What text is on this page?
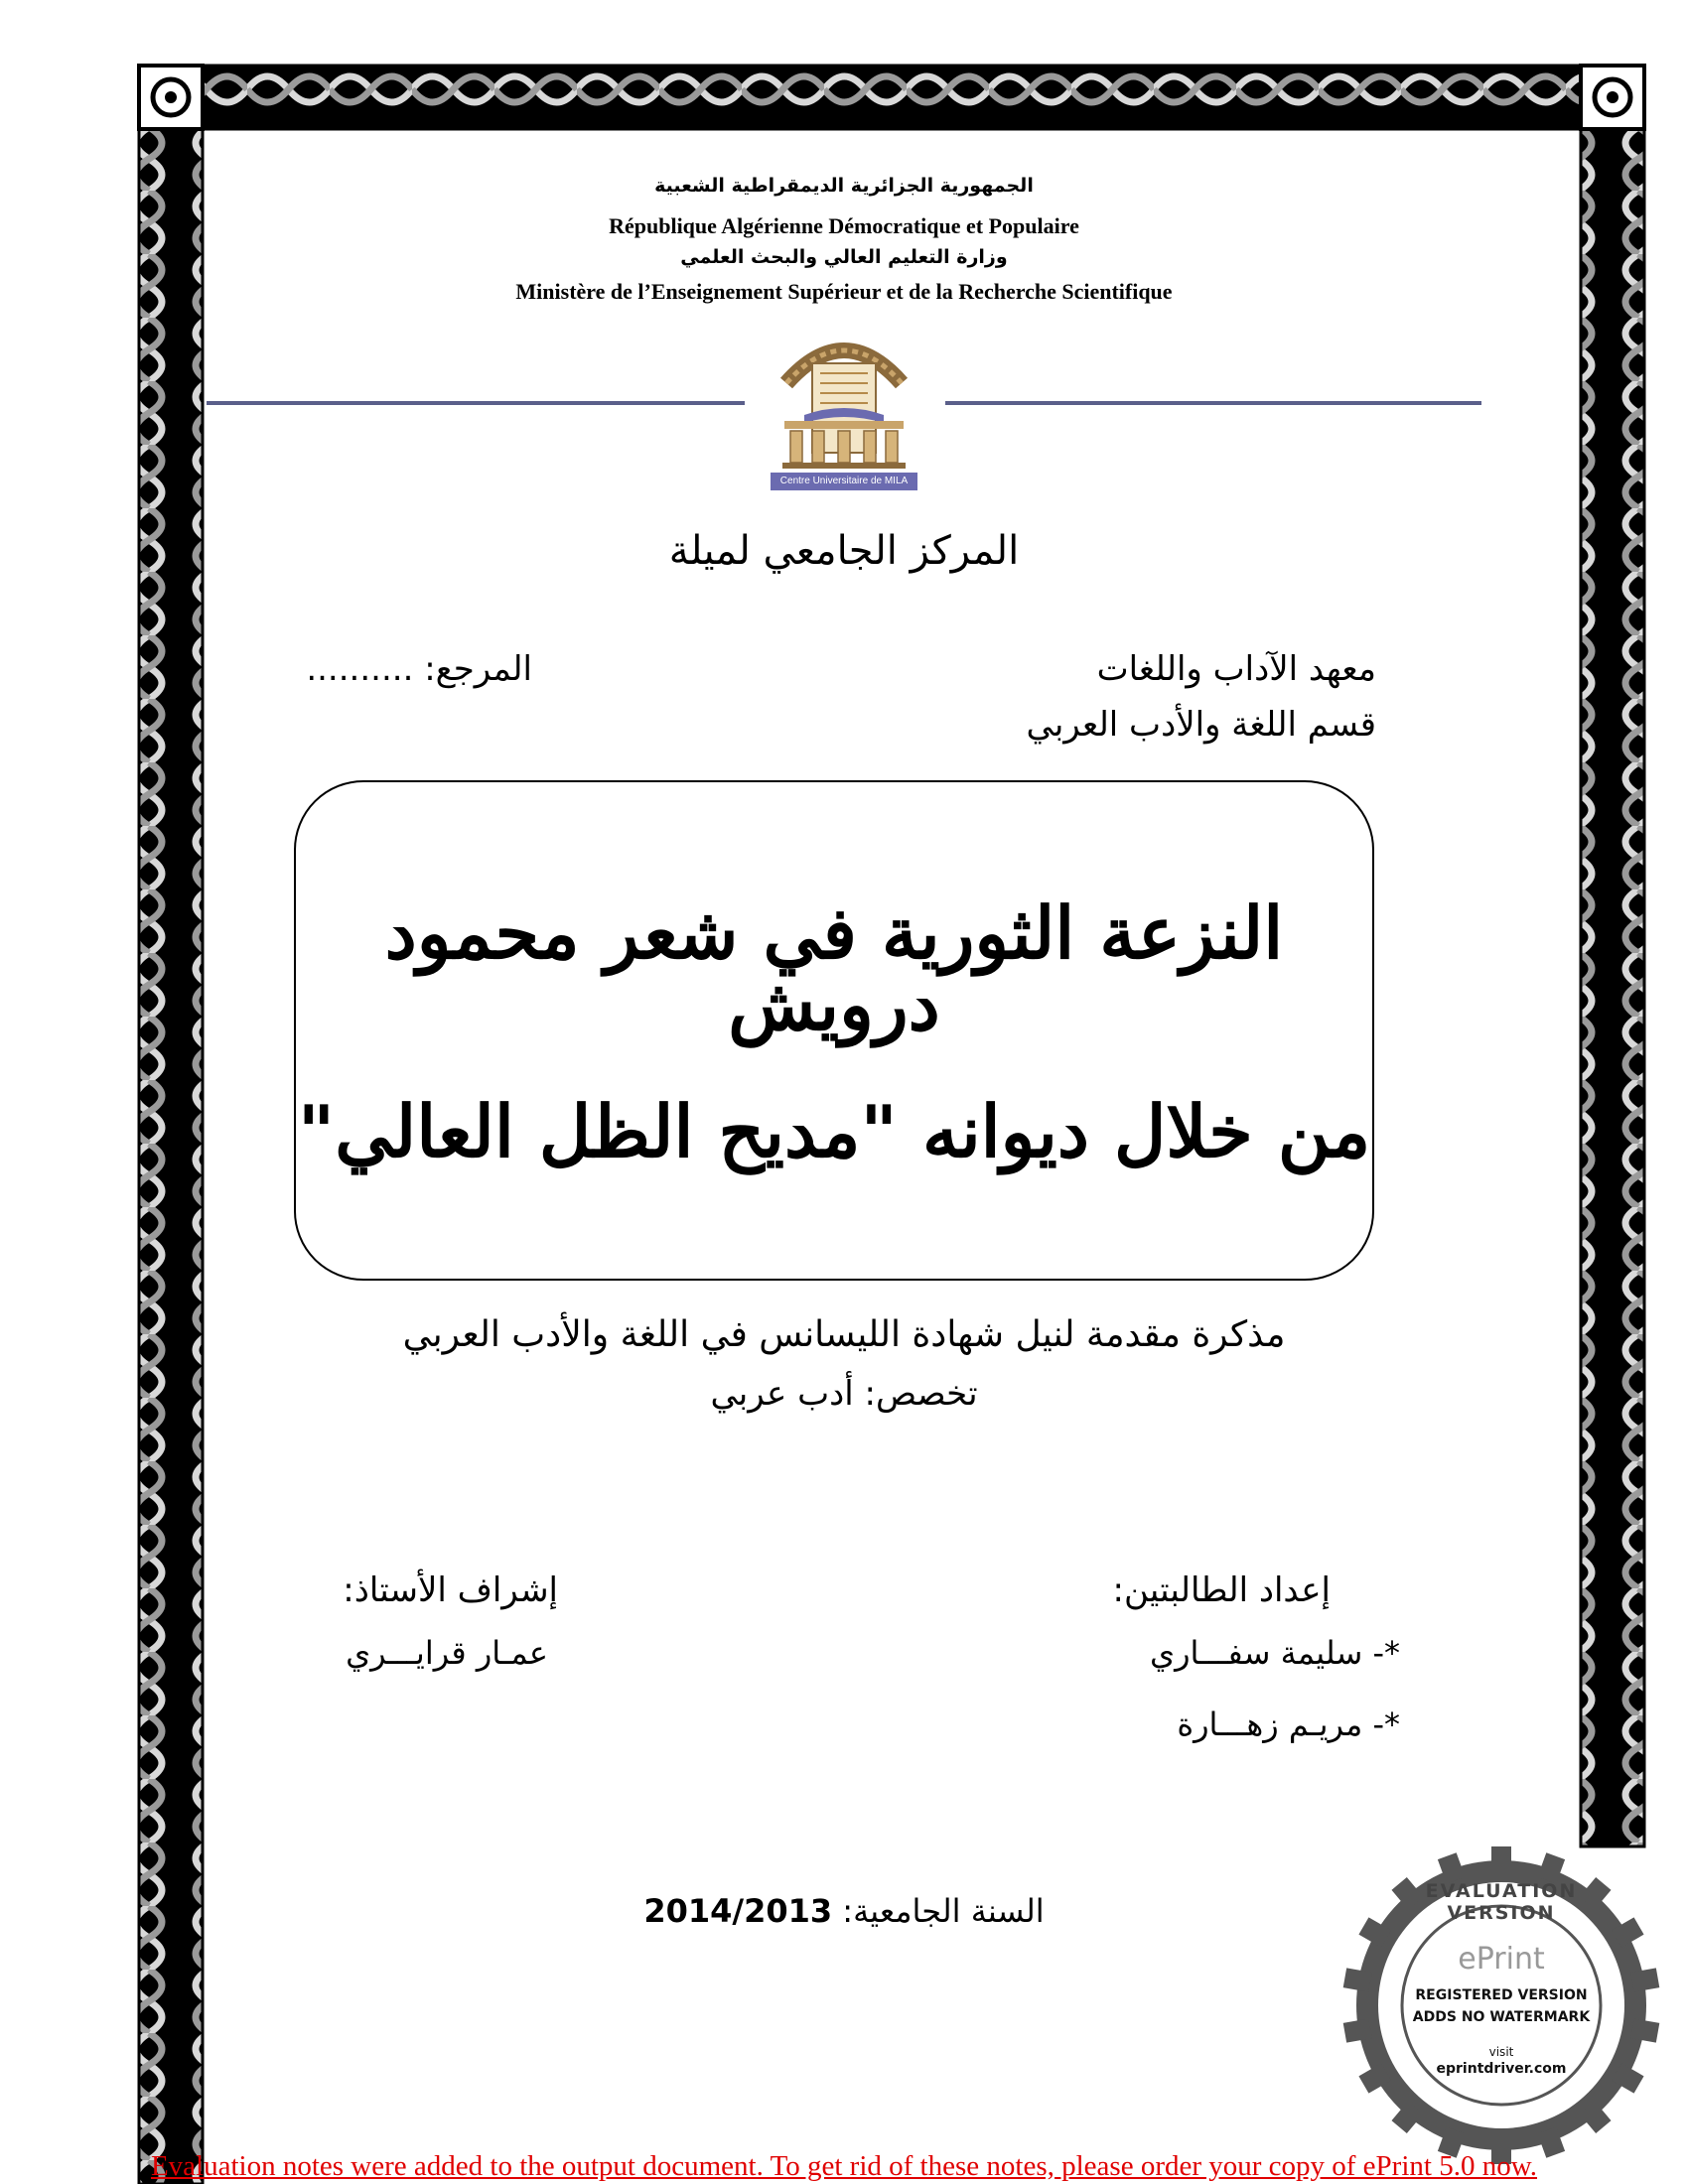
الجمهورية الجزائرية الديمقراطية الشعبية
République Algérienne Démocratique et Populaire
وزارة التعليم العالي والبحث العلمي
Ministère de l’Enseignement Supérieur et de la Recherche Scientifique
Centre Universitaire de MILA
المركز الجامعي لميلة
معهد الآداب واللغات
قسم اللغة والأدب العربي
المرجع: ..........
النزعة الثورية في شعر محمود درويش
من خلال ديوانه "مديح الظل العالي"
مذكرة مقدمة لنيل شهادة الليسانس في اللغة والأدب العربي
تخصص: أدب عربي
إعداد الطالبتين:
*- سليمة سفـــاري
*- مريـم زهـــارة
إشراف الأستاذ:
عمـار قرايـــري
السنة الجامعية: 2014/2013
EVALUATION VERSION
ePrint
REGISTERED VERSION
ADDS NO WATERMARK
visit
eprintdriver.com
Evaluation notes were added to the output document. To get rid of these notes, please order your copy of ePrint 5.0 now.
